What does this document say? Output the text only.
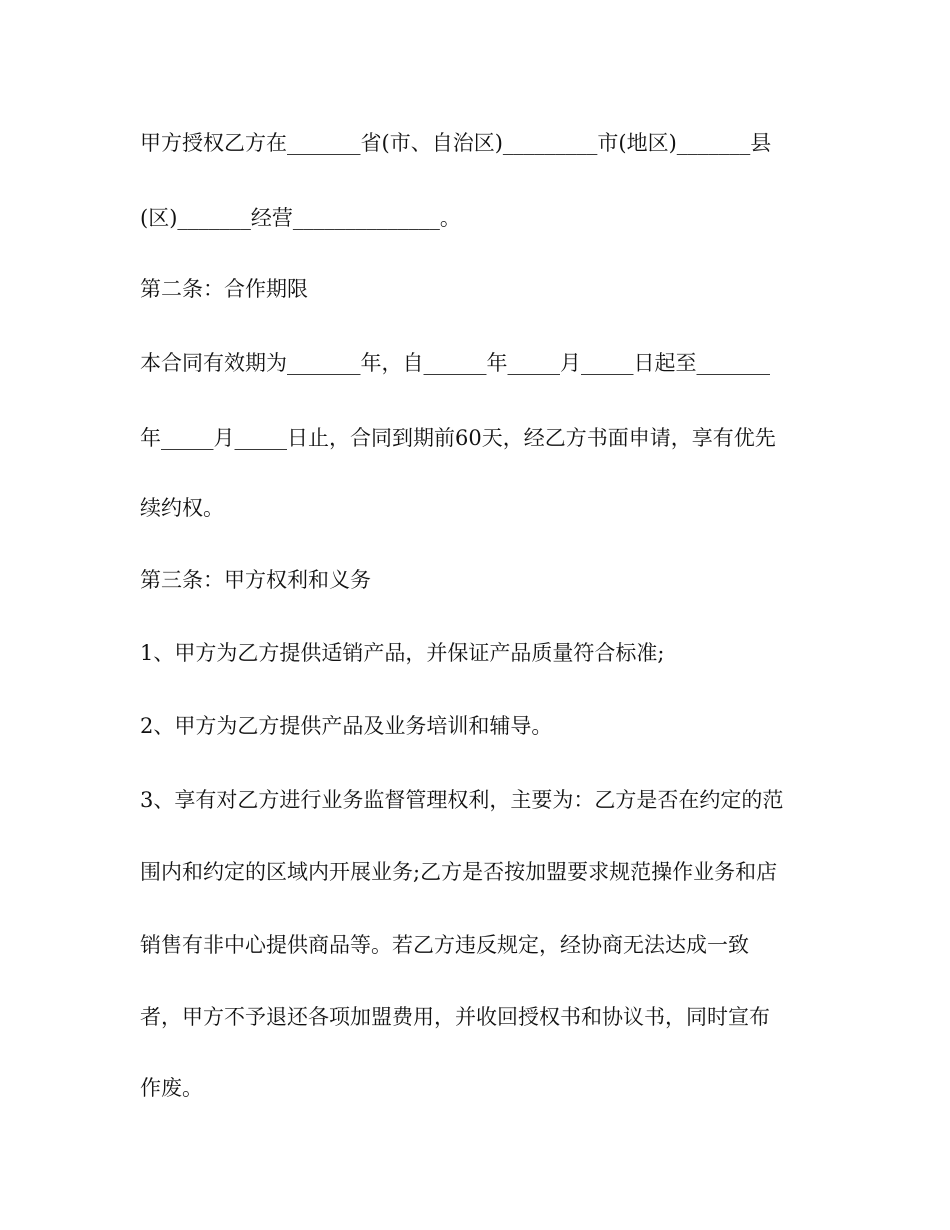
甲方授权乙方在_______省(市、自治区)_________市(地区)_______县
(区)_______经营______________。
第二条：合作期限
本合同有效期为_______年，自______年_____月_____日起至_______
年_____月_____日止，合同到期前60天，经乙方书面申请，享有优先
续约权。
第三条：甲方权利和义务
1、甲方为乙方提供适销产品，并保证产品质量符合标准;
2、甲方为乙方提供产品及业务培训和辅导。
3、享有对乙方进行业务监督管理权利，主要为：乙方是否在约定的范
围内和约定的区域内开展业务;乙方是否按加盟要求规范操作业务和店
销售有非中心提供商品等。若乙方违反规定，经协商无法达成一致
者，甲方不予退还各项加盟费用，并收回授权书和协议书，同时宣布
作废。
